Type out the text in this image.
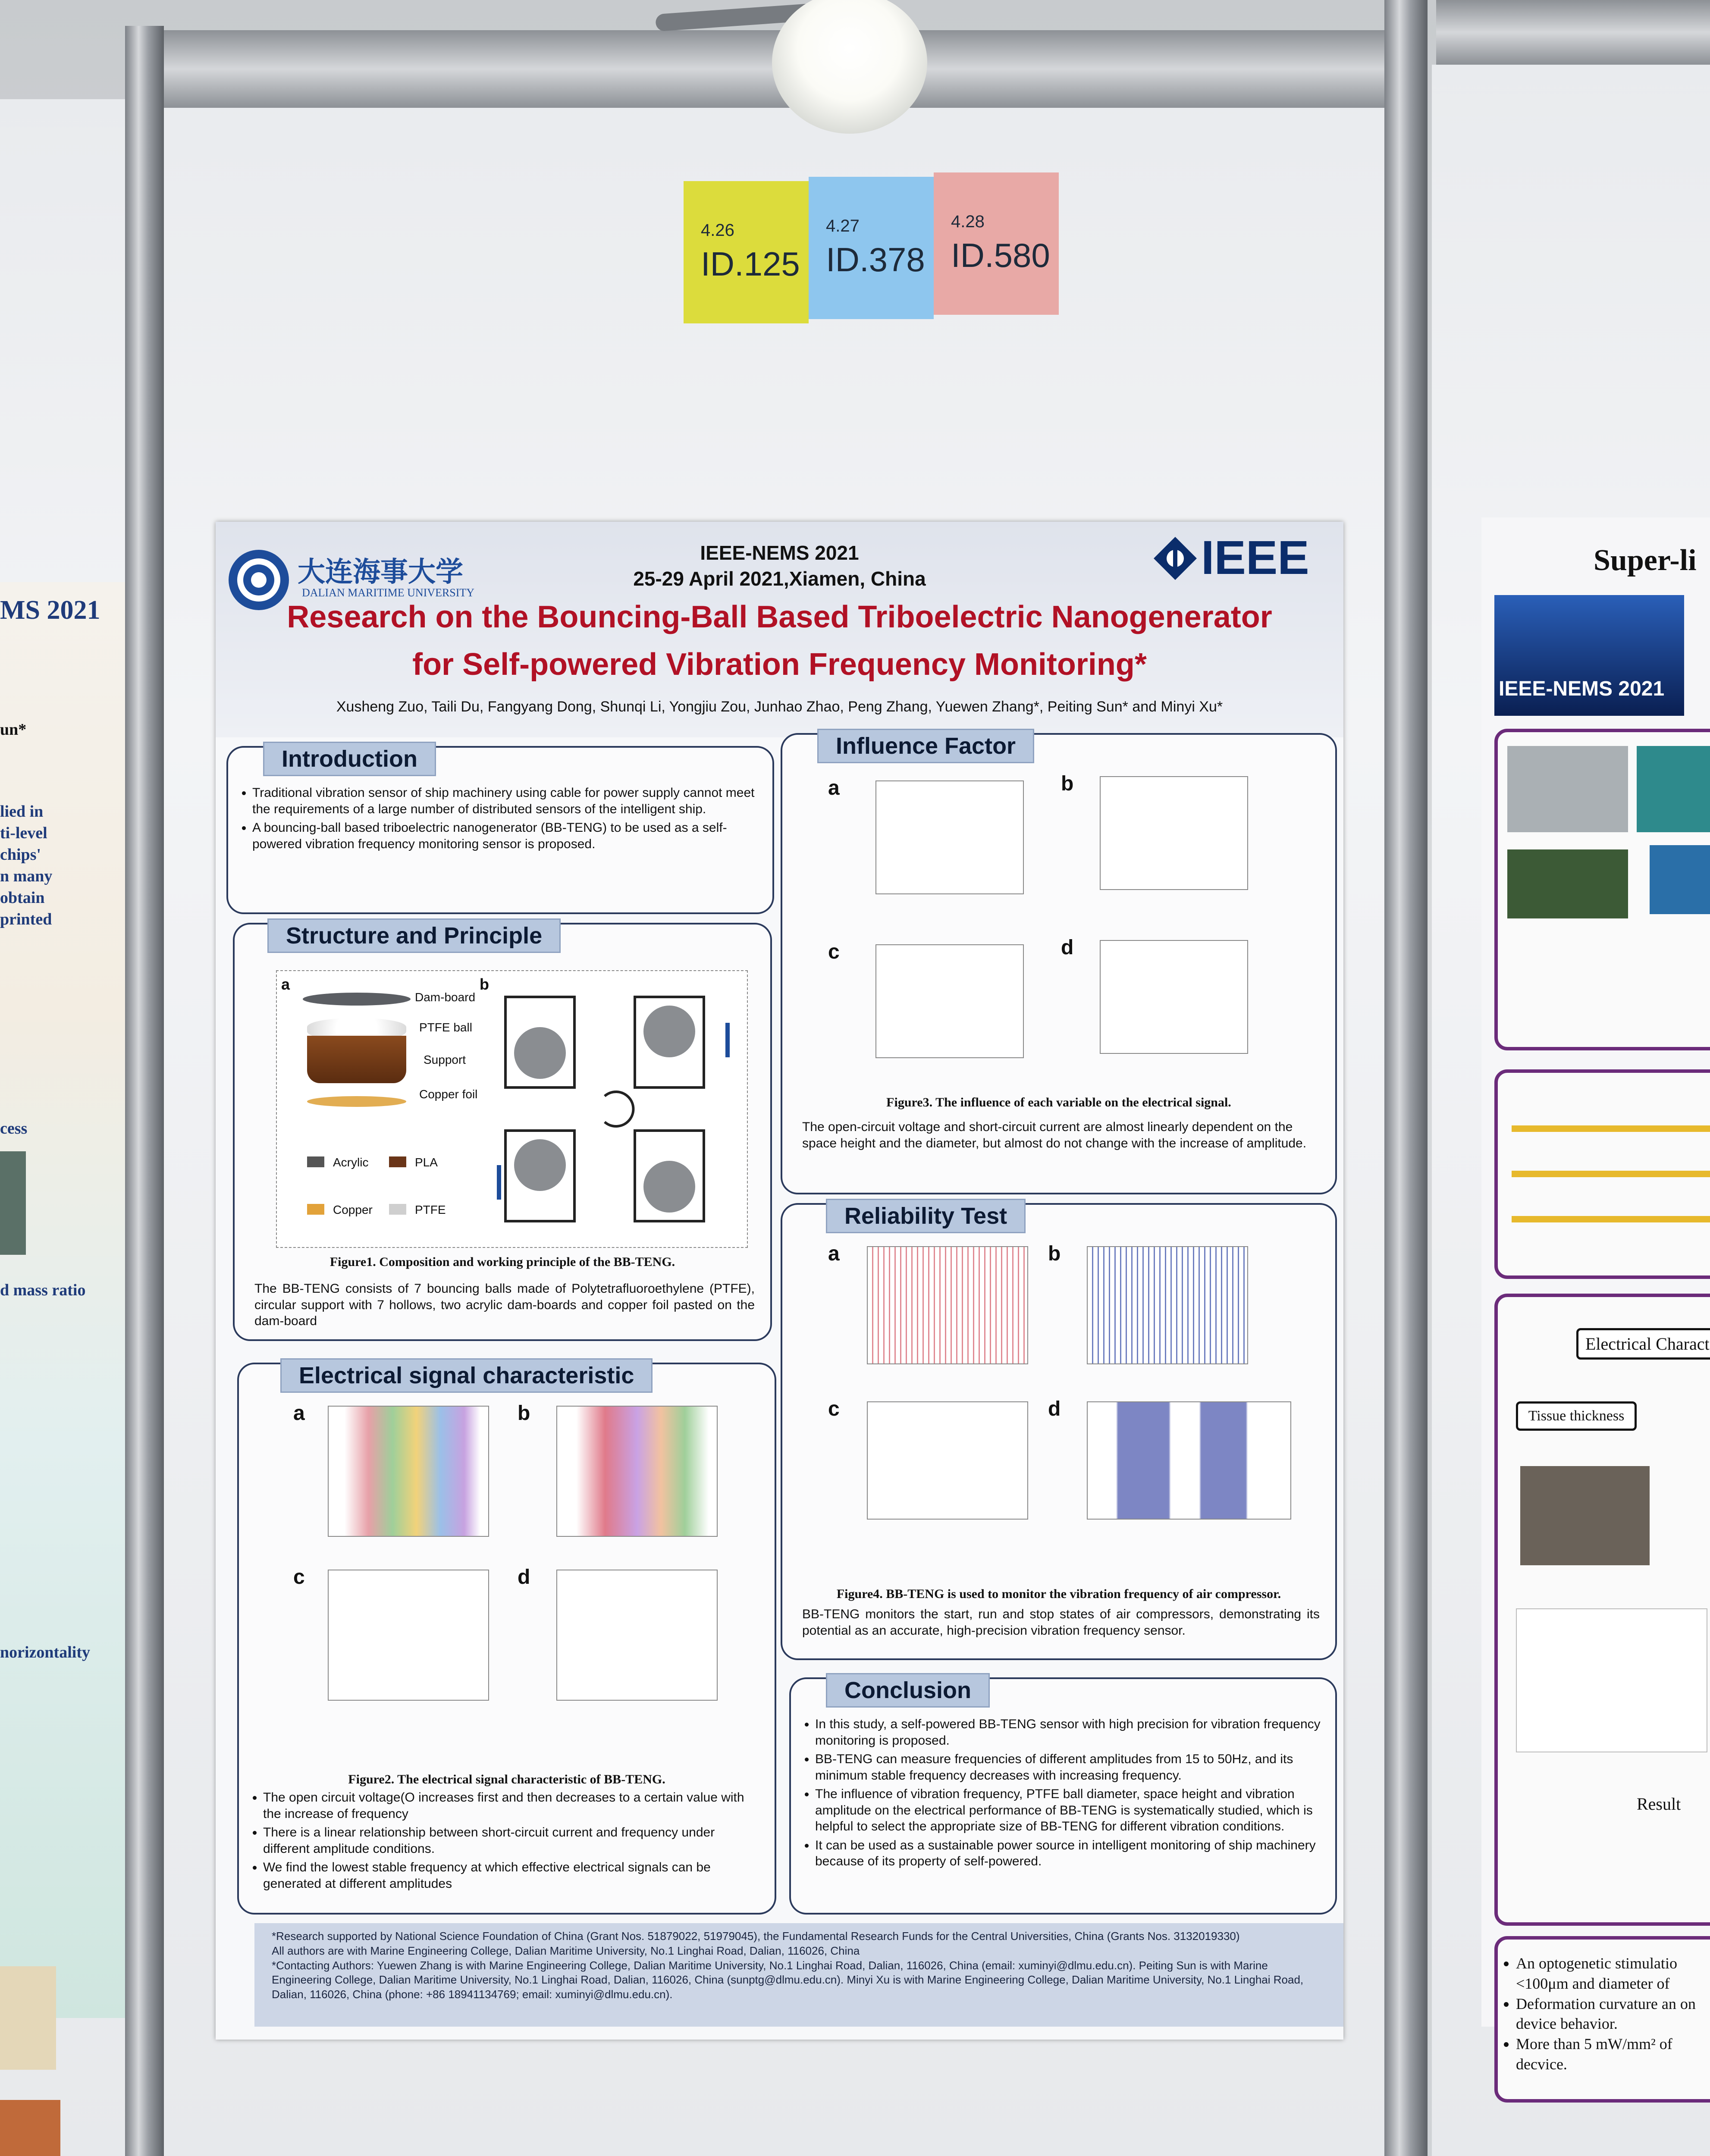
MS 2021
un*
lied in
ti-level
chips'
n many
obtain
printed
cess
d mass ratio
norizontality
Super-li
IEEE-NEMS 2021
Electrical Charact
Tissue thickness
Result
• An optogenetic stimulatio <100μm and diameter of
• Deformation curvature an on device behavior.
• More than 5 mW/mm² of decvice.
4.26
ID.125
4.27
ID.378
4.28
ID.580
大连海事大学
DALIAN MARITIME UNIVERSITY
IEEE-NEMS 2021
25-29 April 2021,Xiamen, China	IEEE
Research on the Bouncing-Ball Based Triboelectric Nanogenerator
for Self-powered Vibration Frequency Monitoring*
Xusheng Zuo, Taili Du, Fangyang Dong, Shunqi Li, Yongjiu Zou, Junhao Zhao, Peng Zhang, Yuewen Zhang*, Peiting Sun* and Minyi Xu*
Introduction
• Traditional vibration sensor of ship machinery using cable for power supply cannot meet the requirements of a large number of distributed sensors of the intelligent ship.
• A bouncing-ball based triboelectric nanogenerator (BB-TENG) to be used as a self-powered vibration frequency monitoring sensor is proposed.
Structure and Principle
a
Dam-board
PTFE ball
Support
Copper foil
Acrylic	PLA
Copper	PTFE
b
Figure1. Composition and working principle of the BB-TENG.
The BB-TENG consists of 7 bouncing balls made of Polytetrafluoroethylene (PTFE), circular support with 7 hollows, two acrylic dam-boards and copper foil pasted on the dam-board
Electrical signal characteristic
a	b
c	d
Figure2. The electrical signal characteristic of BB-TENG.
• The open circuit voltage(O increases first and then decreases to a certain value with the increase of frequency
• There is a linear relationship between short-circuit current and frequency under different amplitude conditions.
• We find the lowest stable frequency at which effective electrical signals can be generated at different amplitudes
Influence Factor
a	b
c	d
Figure3. The influence of each variable on the electrical signal.
The open-circuit voltage and short-circuit current are almost linearly dependent on the space height and the diameter, but almost do not change with the increase of amplitude.
Reliability Test
a	b
c	d
Figure4. BB-TENG is used to monitor the vibration frequency of air compressor.
BB-TENG monitors the start, run and stop states of air compressors, demonstrating its potential as an accurate, high-precision vibration frequency sensor.
Conclusion
• In this study, a self-powered BB-TENG sensor with high precision for vibration frequency monitoring is proposed.
• BB-TENG can measure frequencies of different amplitudes from 15 to 50Hz, and its minimum stable frequency decreases with increasing frequency.
• The influence of vibration frequency, PTFE ball diameter, space height and vibration amplitude on the electrical performance of BB-TENG is systematically studied, which is helpful to select the appropriate size of BB-TENG for different vibration conditions.
• It can be used as a sustainable power source in intelligent monitoring of ship machinery because of its property of self-powered.
*Research supported by National Science Foundation of China (Grant Nos. 51879022, 51979045), the Fundamental Research Funds for the Central Universities, China (Grants Nos. 3132019330)
All authors are with Marine Engineering College, Dalian Maritime University, No.1 Linghai Road, Dalian, 116026, China
*Contacting Authors: Yuewen Zhang is with Marine Engineering College, Dalian Maritime University, No.1 Linghai Road, Dalian, 116026, China (email: xuminyi@dlmu.edu.cn). Peiting Sun is with Marine Engineering College, Dalian Maritime University, No.1 Linghai Road, Dalian, 116026, China (sunptg@dlmu.edu.cn). Minyi Xu is with Marine Engineering College, Dalian Maritime University, No.1 Linghai Road, Dalian, 116026, China (phone: +86 18941134769; email: xuminyi@dlmu.edu.cn).
